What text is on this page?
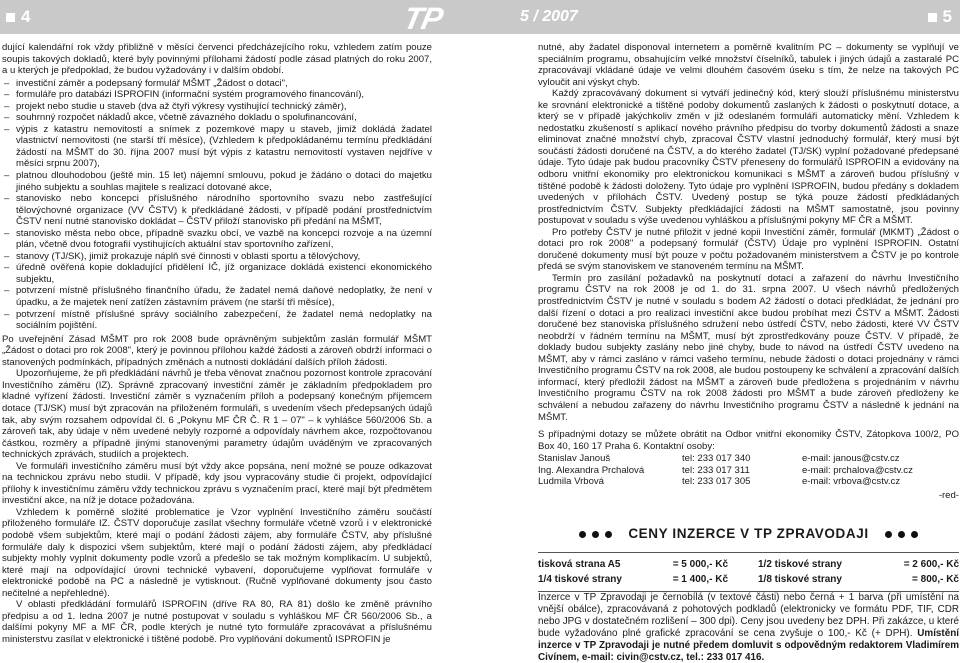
4	TP	5 / 2007	5

dující kalendářní rok vždy přibližně v měsíci červenci předcházejícího roku, vzhledem zatím pouze soupis takových dokladů, které byly povinnými přílohami žádostí podle zásad platných do roku 2007, a u kterých je předpoklad, že budou vyžadovány i v dalším období.

– investiční záměr a podepsaný formulář MŠMT „Žádost o dotaci",
– formuláře pro databázi ISPROFIN (informační systém programového financování),
– projekt nebo studie u staveb (dva až čtyři výkresy vystihující technický záměr),
– souhrnný rozpočet nákladů akce, včetně závazného dokladu o spolufinancování,
– výpis z katastru nemovitostí a snímek z pozemkové mapy u staveb, jimiž dokládá žadatel vlastnictví nemovitosti (ne starší tří měsíce), (Vzhledem k předpokládanému termínu předkládání žádostí na MŠMT do 30. října 2007 musí být výpis z katastru nemovitostí vystaven nejdříve v měsíci srpnu 2007),
– platnou dlouhodobou (ještě min. 15 let) nájemní smlouvu, pokud je žádáno o dotaci do majetku jiného subjektu a souhlas majitele s realizací dotované akce,
– stanovisko nebo koncepci příslušného národního sportovního svazu nebo zastřešující tělovýchovné organizace (VV ČSTV) k předkládané žádosti, v případě podání prostřednictvím ČSTV není nutné stanovisko dokládat – ČSTV přiloží stanovisko při předání na MŠMT,
– stanovisko města nebo obce, případně svazku obcí, ve vazbě na koncepci rozvoje a na územní plán, včetně dvou fotografií vystihujících aktuální stav sportovního zařízení,
– stanovy (TJ/SK), jimiž prokazuje náplň své činnosti v oblasti sportu a tělovýchovy,
– úředně ověřená kopie dokladující přidělení IČ, jíž organizace dokládá existenci ekonomického subjektu,
– potvrzení místně příslušného finančního úřadu, že žadatel nemá daňové nedoplatky, že není v úpadku, a že majetek není zatížen zástavním právem (ne starší tři měsíce),
– potvrzení místně příslušné správy sociálního zabezpečení, že žadatel nemá nedoplatky na sociálním pojištění.

Po uveřejnění Zásad MŠMT pro rok 2008 bude oprávněným subjektům zaslán formulář MŠMT „Žádost o dotaci pro rok 2008", který je povinnou přílohou každé žádosti a zároveň obdrží informaci o stanovených podmínkách, případných změnách a nutnosti dokládání dalších příloh žádosti.

Upozorňujeme, že při předkládání návrhů je třeba věnovat značnou pozornost kontrole zpracování Investičního záměru (IZ). Správně zpracovaný investiční záměr je základním předpokladem pro kladné vyřízení žádosti. Investiční záměr s vyznačením příloh a podepsaný konečným příjemcem dotace (TJ/SK) musí být zpracován na přiloženém formuláři, s uvedením všech předepsaných údajů tak, aby svým rozsahem odpovídal čl. 6 „Pokynu MF ČR Č. R 1 – 07" – k vyhlášce 560/2006 Sb. a zároveň tak, aby údaje v něm uvedené nebyly rozporné a odpovídaly návrhem akce, rozpočtovanou částkou, rozměry a případně jinými stanovenými parametry údajům uváděným ve zpracovaných technických zprávách, studiích a projektech.

Ve formuláři investičního záměru musí být vždy akce popsána, není možné se pouze odkazovat na technickou zprávu nebo studii. V případě, kdy jsou vypracovány studie či projekt, odpovídající přílohy k investičnímu záměru vždy technickou zprávu s vyznačením prací, které mají být předmětem investiční akce, na níž je dotace požadována.

Vzhledem k poměrně složité problematice je Vzor vyplnění Investičního záměru součástí přiloženého formuláře IZ. ČSTV doporučuje zasílat všechny formuláře včetně vzorů i v elektronické podobě všem subjektům, které mají o podání žádosti zájem, aby formuláře ČSTV, aby příslušné formuláře daly k dispozici všem subjektům, které mají o podání žádosti zájem, aby předkládací subjekty mohly vyplnit dokumenty podle vzorů a předešlo se tak možným komplikacím. U subjektů, které mají na odpovídající úrovni technické vybavení, doporučujeme vyplňovat formuláře v elektronické podobě na PC a následně je vytisknout. (Ručně vyplňované dokumenty jsou často nečitelné a nepřehledné).

V oblasti předkládání formulářů ISPROFIN (dříve RA 80, RA 81) došlo ke změně právního předpisu a od 1. ledna 2007 je nutné postupovat v souladu s vyhláškou MF ČR 560/2006 Sb., a dalšími pokyny MF a MF ČR, podle kterých je nutné tyto formuláře zpracovávat a příslušnému ministerstvu zasílat v elektronické i tištěné podobě. Pro vyplňování dokumentů ISPROFIN je

nutné, aby žadatel disponoval internetem a poměrně kvalitním PC – dokumenty se vyplňují ve speciálním programu, obsahujícím velké množství číselníků, tabulek i jiných údajů a zastaralé PC zpracovávají vkládané údaje ve velmi dlouhém časovém úseku s tím, že nelze na takových PC vyloučit ani výskyt chyb.

Každý zpracovávaný dokument si vytváří jedinečný kód, který slouží příslušnému ministerstvu ke srovnání elektronické a tištěné podoby dokumentů zaslaných k žádosti o poskytnutí dotace, a který se v případě jakýchkoliv změn v již odeslaném formuláři automaticky mění. Vzhledem k nedostatku zkušeností s aplikací nového právního předpisu do tvorby dokumentů žádosti a snaze eliminovat značné množství chyb, zpracoval ČSTV vlastní jednoduchý formulář, který musí být součástí žádosti doručené na ČSTV, a do kterého žadatel (TJ/SK) vyplní požadované předepsané údaje. Tyto údaje pak budou pracovníky ČSTV přeneseny do formulářů ISPROFIN a evidovány na odboru vnitřní ekonomiky pro elektronickou komunikaci s MŠMT a zároveň budou příslušný v tištěné podobě k žádosti doloženy. Tyto údaje pro vyplnění ISPROFIN, budou předány s dokladem uvedených v přílohách ČSTV. Uvedený postup se týká pouze žádostí předkládaných prostřednictvím ČSTV. Subjekty předkládající žádosti na MŠMT samostatně, jsou povinny postupovat v souladu s výše uvedenou vyhláškou a příslušnými pokyny MF ČR a MŠMT.

Pro potřeby ČSTV je nutné přiložit v jedné kopii Investiční záměr, formulář (MKMT) „Žádost o dotaci pro rok 2008" a podepsaný formulář (ČSTV) Údaje pro vyplnění ISPROFIN. Ostatní doručené dokumenty musí být pouze v počtu požadovaném ministerstvem a ČSTV je po kontrole předá se svým stanoviskem ve stanoveném termínu na MŠMT.

Termín pro zasílání požadavků na poskytnutí dotací a zařazení do návrhu Investičního programu ČSTV na rok 2008 je od 1. do 31. srpna 2007. U všech návrhů předložených prostřednictvím ČSTV je nutné v souladu s bodem A2 žádostí o dotaci předkládat, že jednání pro další řízení o dotaci a pro realizaci investiční akce budou probíhat mezi ČSTV a MŠMT. Žádosti doručené bez stanoviska příslušného sdružení nebo ústředí ČSTV, nebo žádosti, které VV ČSTV neobdrží v řádném termínu na MŠMT, musí být zprostředkovány pouze ČSTV. V případě, že doklady budou subjekty zaslány nebo jiné chyby, bude to návod na ústředí ČSTV uvedeno na MŠMT, aby v rámci zasláno v rámci vašeho termínu, nebude žádosti o dotaci projednány v rámci Investičního programu ČSTV na rok 2008, ale budou postoupeny ke schválení a zpracování dalších informací, který předložil žádost na MŠMT a zároveň bude předložena s projednáním v návrhu Investičního programu ČSTV na rok 2008 žádosti pro MŠMT a bude zároveň předloženy ke schválení a nebudou zařazeny do návrhu Investičního programu ČSTV a následně k jednání na MŠMT.

S případnými dotazy se můžete obrátit na Odbor vnitřní ekonomiky ČSTV, Zátopkova 100/2, PO Box 40, 160 17 Praha 6. Kontaktní osoby:

Stanislav Janouš	tel: 233 017 340	e-mail: janous@cstv.cz
Ing. Alexandra Prchalová	tel: 233 017 311	e-mail: prchalova@cstv.cz
Ludmila Vrbová	tel: 233 017 305	e-mail: vrbova@cstv.cz
-red-
CENY INZERCE V TP ZPRAVODAJI
tisková strana A5	= 5 000,- Kč	1/2 tiskové strany	= 2 600,- Kč
1/4 tiskové strany	= 1 400,- Kč	1/8 tiskové strany	= 800,- Kč

Inzerce v TP Zpravodaji je černobílá (v textové části) nebo černá + 1 barva (při umístění na vnější obálce), zpracovávaná z pohotových podkladů (elektronicky ve formátu PDF, TIF, CDR nebo JPG v dostatečném rozlišení – 300 dpi). Ceny jsou uvedeny bez DPH. Při zakázce, u které bude vyžadováno plné grafické zpracování se cena zvyšuje o 100,- Kč (+ DPH). Umístění inzerce v TP Zpravodaji je nutné předem domluvit s odpovědným redaktorem Vladimírem Civínem, e-mail: civin@cstv.cz, tel.: 233 017 416.
